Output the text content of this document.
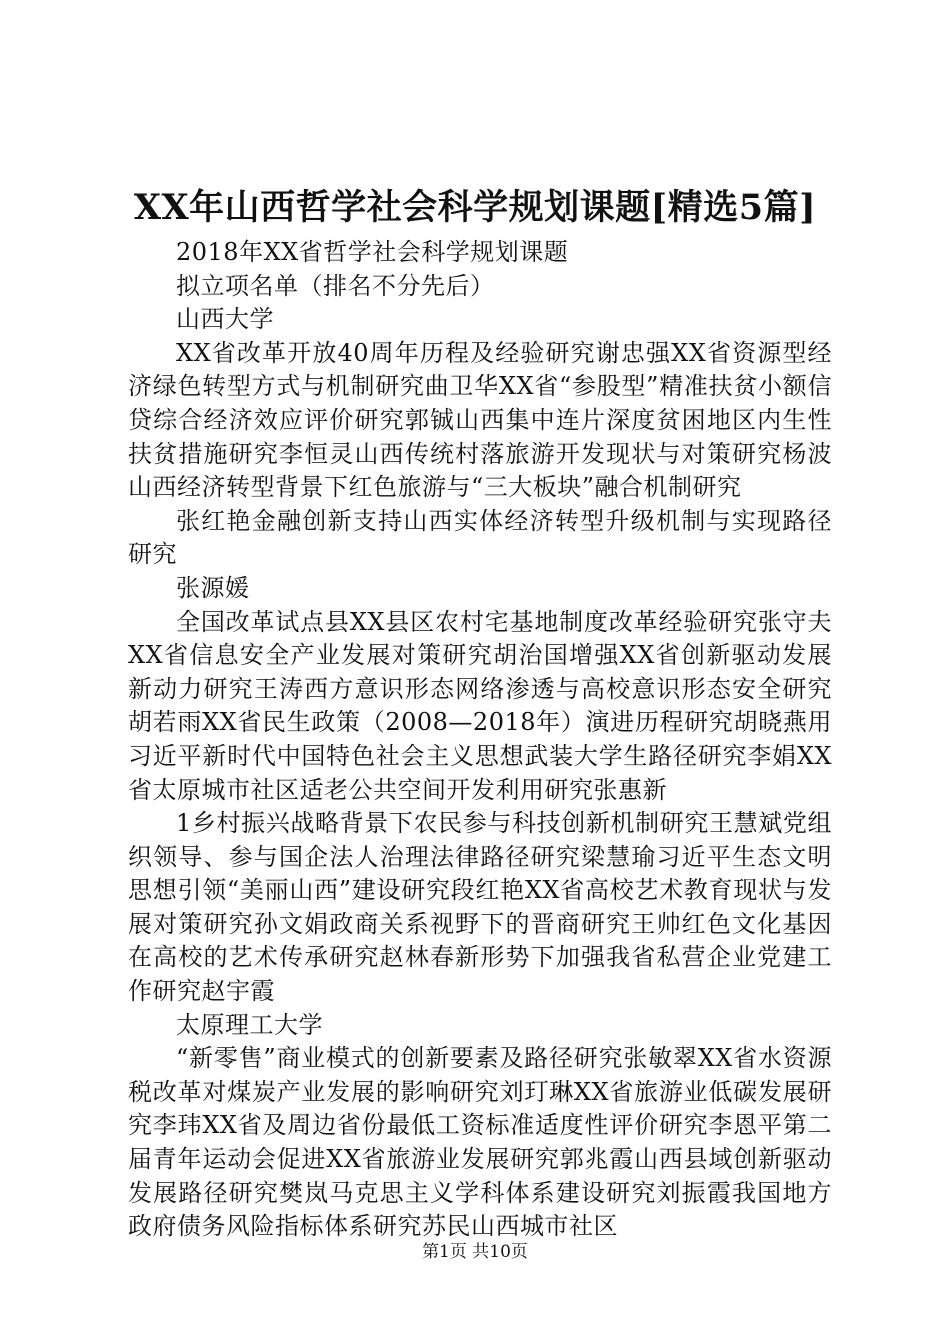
XX年山西哲学社会科学规划课题[精选5篇]

2018年XX省哲学社会科学规划课题

拟立项名单（排名不分先后）

山西大学

XX省改革开放40周年历程及经验研究谢忠强XX省资源型经济绿色转型方式与机制研究曲卫华XX省“参股型”精准扶贫小额信贷综合经济效应评价研究郭铖山西集中连片深度贫困地区内生性扶贫措施研究李恒灵山西传统村落旅游开发现状与对策研究杨波山西经济转型背景下红色旅游与“三大板块”融合机制研究

张红艳金融创新支持山西实体经济转型升级机制与实现路径研究

张源媛

全国改革试点县XX县区农村宅基地制度改革经验研究张守夫XX省信息安全产业发展对策研究胡治国增强XX省创新驱动发展新动力研究王涛西方意识形态网络渗透与高校意识形态安全研究胡若雨XX省民生政策（2008—2018年）演进历程研究胡晓燕用习近平新时代中国特色社会主义思想武装大学生路径研究李娟XX省太原城市社区适老公共空间开发利用研究张惠新

1乡村振兴战略背景下农民参与科技创新机制研究王慧斌党组织领导、参与国企法人治理法律路径研究梁慧瑜习近平生态文明思想引领“美丽山西”建设研究段红艳XX省高校艺术教育现状与发展对策研究孙文娟政商关系视野下的晋商研究王帅红色文化基因在高校的艺术传承研究赵林春新形势下加强我省私营企业党建工作研究赵宇霞

太原理工大学

“新零售”商业模式的创新要素及路径研究张敏翠XX省水资源税改革对煤炭产业发展的影响研究刘玎琳XX省旅游业低碳发展研究李玮XX省及周边省份最低工资标准适度性评价研究李恩平第二届青年运动会促进XX省旅游业发展研究郭兆霞山西县域创新驱动发展路径研究樊岚马克思主义学科体系建设研究刘振霞我国地方政府债务风险指标体系研究苏民山西城市社区

第1页 共10页
